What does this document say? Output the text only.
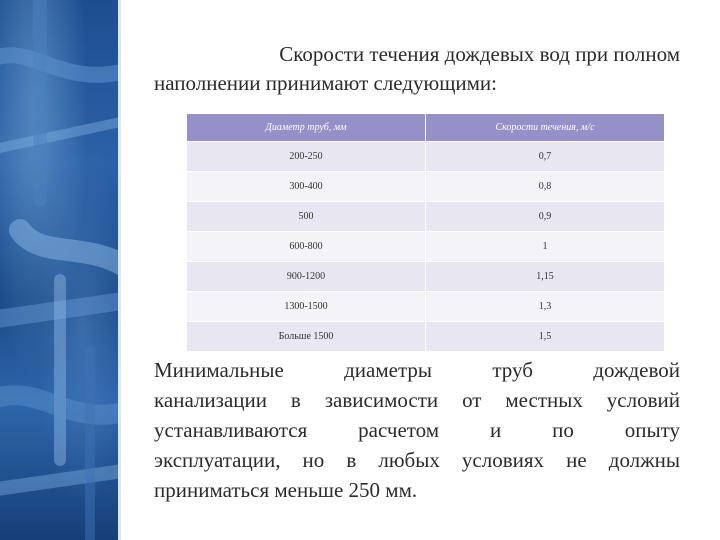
Скорости течения дождевых вод при полном
наполнении принимают следующими:
Диаметр труб, мм	Скорости течения, м/с
200-250	0,7
300-400	0,8
500	0,9
600-800	1
900-1200	1,15
1300-1500	1,3
Больше 1500	1,5
Минимальные диаметры труб дождевой
канализации в зависимости от местных условий
устанавливаются расчетом и по опыту
эксплуатации, но в любых условиях не должны
приниматься меньше 250 мм.
